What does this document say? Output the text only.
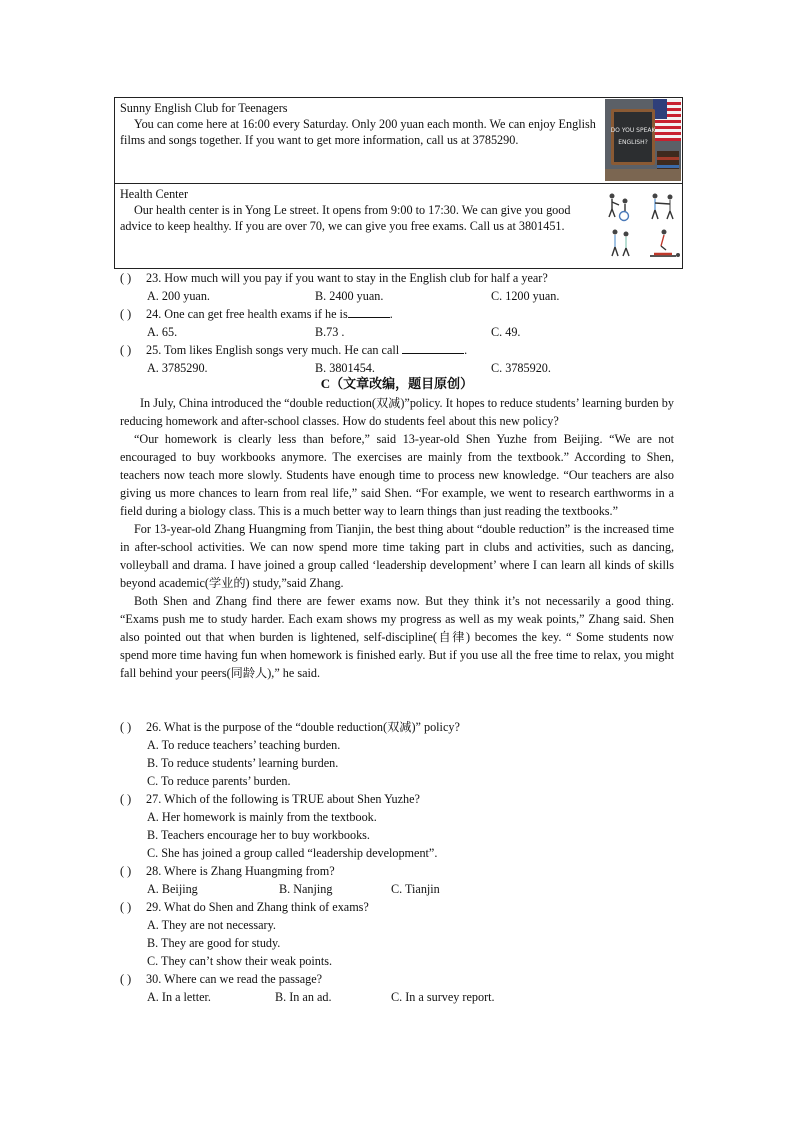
Sunny English Club for Teenagers
You can come here at 16:00 every Saturday. Only 200 yuan each month. We can enjoy English films and songs together. If you want to get more information, call us at 3785290.
DO YOU SPEAK
ENGLISH?
Health Center
Our health center is in Yong Le street. It opens from 9:00 to 17:30. We can give you good advice to keep healthy. If you are over 70, we can give you free exams. Call us at 3801451.
( ) 23. How much will you pay if you want to stay in the English club for half a year?
A. 200 yuan.	B. 2400 yuan.	C. 1200 yuan.
( ) 24. One can get free health exams if he is	.
A. 65.	B.73 .	C. 49.
( ) 25. Tom likes English songs very much. He can call	.
A. 3785290.	B. 3801454.	C. 3785920.
C（文章改编，题目原创）

In July, China introduced the “double reduction(双减)”policy. It hopes to reduce students’ learning burden by reducing homework and after-school classes. How do students feel about this new policy?

“Our homework is clearly less than before,” said 13-year-old Shen Yuzhe from Beijing. “We are not encouraged to buy workbooks anymore. The exercises are mainly from the textbook.” According to Shen, teachers now teach more slowly. Students have enough time to process new knowledge. “Our teachers are also giving us more chances to learn from real life,” said Shen. “For example, we went to research earthworms in a field during a biology class. This is a much better way to learn things than just reading the textbooks.”

For 13-year-old Zhang Huangming from Tianjin, the best thing about “double reduction” is the increased time in after-school activities. We can now spend more time taking part in clubs and activities, such as dancing, volleyball and drama. I have joined a group called ‘leadership development’ where I can learn all kinds of skills beyond academic(学业的) study,”said Zhang.

Both Shen and Zhang find there are fewer exams now. But they think it’s not necessarily a good thing. “Exams push me to study harder. Each exam shows my progress as well as my weak points,” Zhang said. Shen also pointed out that when burden is lightened, self-discipline(自律) becomes the key. “ Some students now spend more time having fun when homework is finished early. But if you use all the free time to relax, you might fall behind your peers(同龄人),” he said.

( ) 26. What is the purpose of the “double reduction(双减)” policy?
A. To reduce teachers’ teaching burden.
B. To reduce students’ learning burden.
C. To reduce parents’ burden.
( ) 27. Which of the following is TRUE about Shen Yuzhe?
A. Her homework is mainly from the textbook.
B. Teachers encourage her to buy workbooks.
C. She has joined a group called “leadership development”.
( ) 28. Where is Zhang Huangming from?
A. Beijing	B. Nanjing	C. Tianjin
( ) 29. What do Shen and Zhang think of exams?
A. They are not necessary.
B. They are good for study.
C. They can’t show their weak points.
( ) 30. Where can we read the passage?
A. In a letter.	B. In an ad.	C. In a survey report.
